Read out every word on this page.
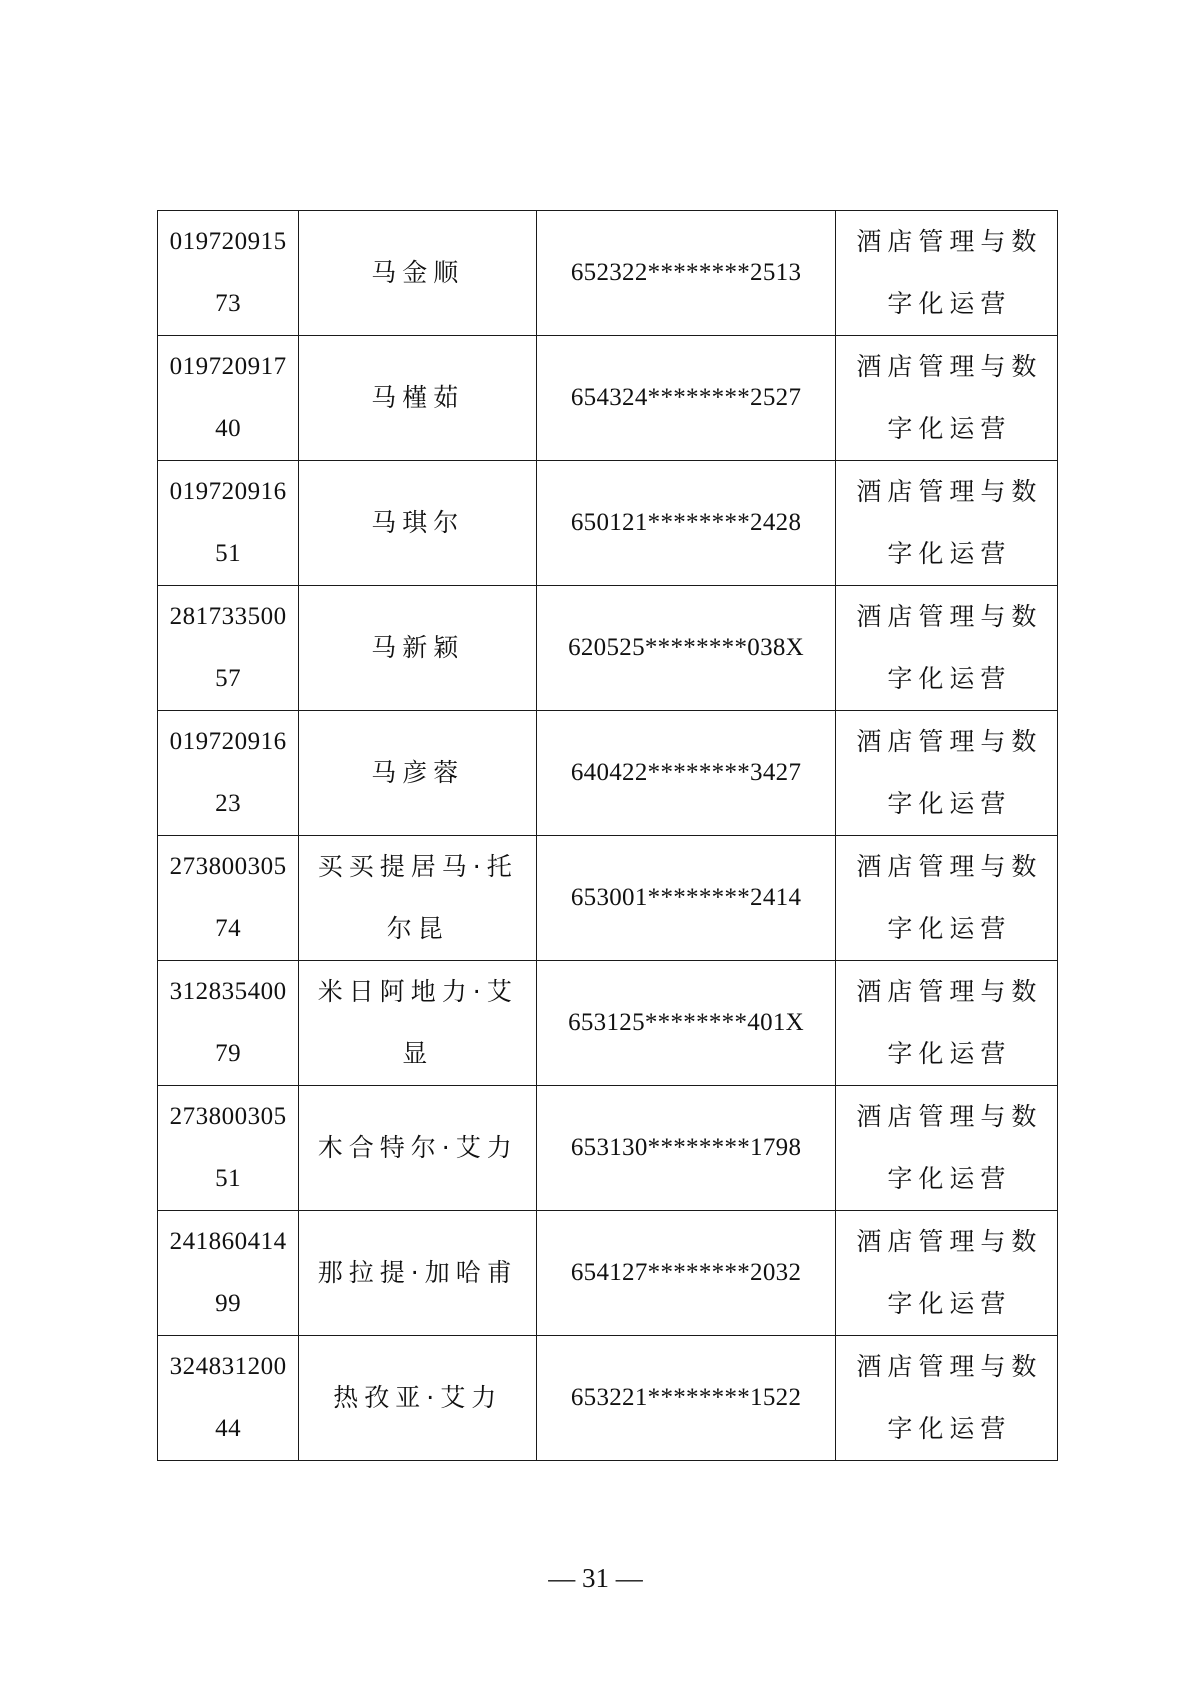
01972091573	马金顺	652322********2513	酒店管理与数字化运营

01972091740	马槿茹	654324********2527	酒店管理与数字化运营

01972091651	马琪尔	650121********2428	酒店管理与数字化运营

28173350057	马新颖	620525********038X	酒店管理与数字化运营

01972091623	马彦蓉	640422********3427	酒店管理与数字化运营

27380030574	买买提居马·托尔昆	653001********2414	酒店管理与数字化运营

31283540079	米日阿地力·艾显	653125********401X	酒店管理与数字化运营

27380030551	木合特尔·艾力	653130********1798	酒店管理与数字化运营

24186041499	那拉提·加哈甫	654127********2032	酒店管理与数字化运营

32483120044	热孜亚·艾力	653221********1522	酒店管理与数字化运营
— 31 —
